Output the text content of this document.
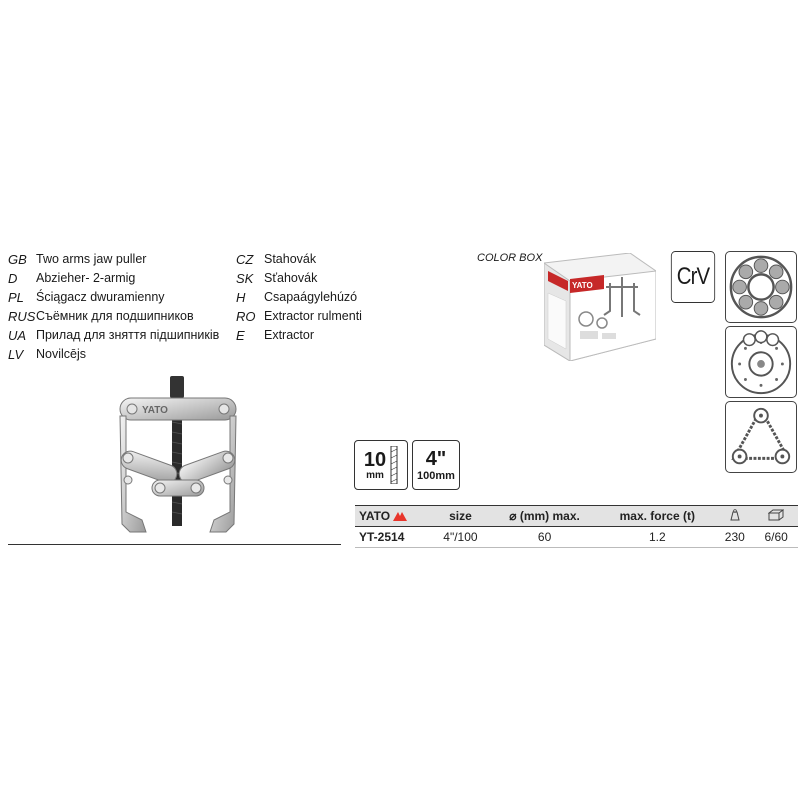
GB Two arms jaw puller
D	Abzieher- 2-armig
PL Ściągacz dwuramienny
RUS Съёмник для подшипников
UA Прилад для зняття підшипників
LV	Novilcējs
CZ Stahovák
SK Sťahovák
H	Csapaágylehúzó
RO Extractor rulmenti
E	Extractor
COLOR BOX
YATO	CrV
YATO
10
mm
4"
100mm
YATO	size	⌀ (mm) max.	max. force (t)		
YT-2514	4"/100	60	1.2	230	6/60
